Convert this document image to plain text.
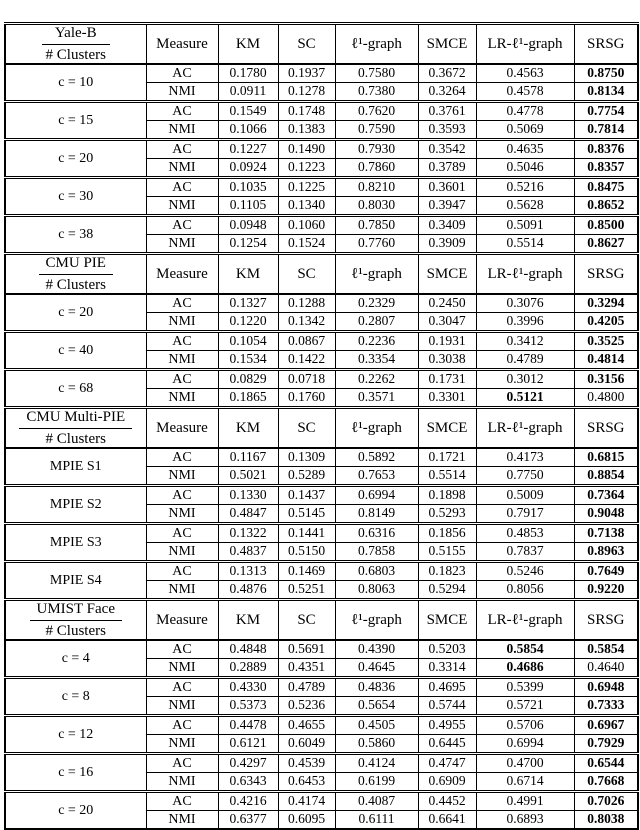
$\frac{\text{Yale-B}}{\text{\# Clusters}}$	Measure	KM	SC	ℓ¹-graph	SMCE	LR-ℓ¹-graph	SRSG
c = 10	AC	0.1780	0.1937	0.7580	0.3672	0.4563	0.8750
	NMI	0.0911	0.1278	0.7380	0.3264	0.4578	0.8134
c = 15	AC	0.1549	0.1748	0.7620	0.3761	0.4778	0.7754
	NMI	0.1066	0.1383	0.7590	0.3593	0.5069	0.7814
c = 20	AC	0.1227	0.1490	0.7930	0.3542	0.4635	0.8376
	NMI	0.0924	0.1223	0.7860	0.3789	0.5046	0.8357
c = 30	AC	0.1035	0.1225	0.8210	0.3601	0.5216	0.8475
	NMI	0.1105	0.1340	0.8030	0.3947	0.5628	0.8652
c = 38	AC	0.0948	0.1060	0.7850	0.3409	0.5091	0.8500
	NMI	0.1254	0.1524	0.7760	0.3909	0.5514	0.8627

$\frac{\text{CMU PIE}}{\text{\# Clusters}}$	Measure	KM	SC	ℓ¹-graph	SMCE	LR-ℓ¹-graph	SRSG
c = 20	AC	0.1327	0.1288	0.2329	0.2450	0.3076	0.3294
	NMI	0.1220	0.1342	0.2807	0.3047	0.3996	0.4205
c = 40	AC	0.1054	0.0867	0.2236	0.1931	0.3412	0.3525
	NMI	0.1534	0.1422	0.3354	0.3038	0.4789	0.4814
c = 68	AC	0.0829	0.0718	0.2262	0.1731	0.3012	0.3156
	NMI	0.1865	0.1760	0.3571	0.3301	0.5121	0.4800

$\frac{\text{CMU Multi-PIE}}{\text{\# Clusters}}$	Measure	KM	SC	ℓ¹-graph	SMCE	LR-ℓ¹-graph	SRSG
MPIE S1	AC	0.1167	0.1309	0.5892	0.1721	0.4173	0.6815
	NMI	0.5021	0.5289	0.7653	0.5514	0.7750	0.8854
MPIE S2	AC	0.1330	0.1437	0.6994	0.1898	0.5009	0.7364
	NMI	0.4847	0.5145	0.8149	0.5293	0.7917	0.9048
MPIE S3	AC	0.1322	0.1441	0.6316	0.1856	0.4853	0.7138
	NMI	0.4837	0.5150	0.7858	0.5155	0.7837	0.8963
MPIE S4	AC	0.1313	0.1469	0.6803	0.1823	0.5246	0.7649
	NMI	0.4876	0.5251	0.8063	0.5294	0.8056	0.9220

$\frac{\text{UMIST Face}}{\text{\# Clusters}}$	Measure	KM	SC	ℓ¹-graph	SMCE	LR-ℓ¹-graph	SRSG
c = 4	AC	0.4848	0.5691	0.4390	0.5203	0.5854	0.5854
	NMI	0.2889	0.4351	0.4645	0.3314	0.4686	0.4640
c = 8	AC	0.4330	0.4789	0.4836	0.4695	0.5399	0.6948
	NMI	0.5373	0.5236	0.5654	0.5744	0.5721	0.7333
c = 12	AC	0.4478	0.4655	0.4505	0.4955	0.5706	0.6967
	NMI	0.6121	0.6049	0.5860	0.6445	0.6994	0.7929
c = 16	AC	0.4297	0.4539	0.4124	0.4747	0.4700	0.6544
	NMI	0.6343	0.6453	0.6199	0.6909	0.6714	0.7668
c = 20	AC	0.4216	0.4174	0.4087	0.4452	0.4991	0.7026
	NMI	0.6377	0.6095	0.6111	0.6641	0.6893	0.8038
